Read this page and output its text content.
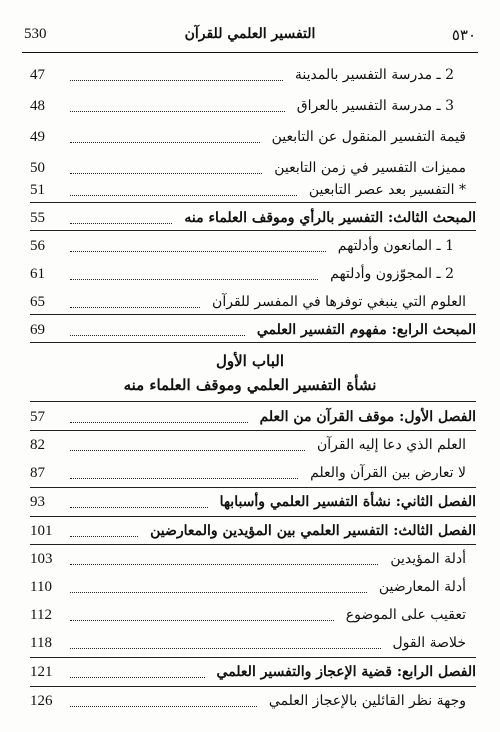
530	التفسير العلمي للقرآن	٥٣٠
2 ـ مدرسة التفسير بالمدينة
47
3 ـ مدرسة التفسير بالعراق
48
قيمة التفسير المنقول عن التابعين
49
مميزات التفسير في زمن التابعين
50
* التفسير بعد عصر التابعين
51
المبحث الثالث: التفسير بالرأي وموقف العلماء منه
55
1 ـ المانعون وأدلتهم
56
2 ـ المجوّزون وأدلتهم
61
العلوم التي ينبغي توفرها في المفسر للقرآن
65
المبحث الرابع: مفهوم التفسير العلمي
69
الباب الأول
نشأة التفسير العلمي وموقف العلماء منه
الفصل الأول: موقف القرآن من العلم
57
العلم الذي دعا إليه القرآن
82
لا تعارض بين القرآن والعلم
87
الفصل الثاني: نشأة التفسير العلمي وأسبابها
93
الفصل الثالث: التفسير العلمي بين المؤيدين والمعارضين
101
أدلة المؤيدين
103
أدلة المعارضين
110
تعقيب على الموضوع
112
خلاصة القول
118
الفصل الرابع: قضية الإعجاز والتفسير العلمي
121
وجهة نظر القائلين بالإعجاز العلمي
126
